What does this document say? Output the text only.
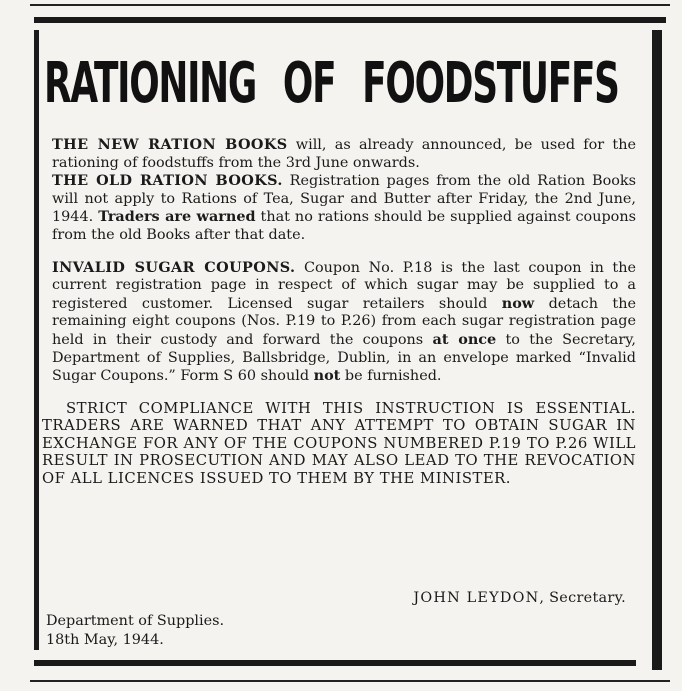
RATIONING OF FOODSTUFFS

THE NEW RATION BOOKS will, as already announced, be used for the rationing of foodstuffs from the 3rd June onwards.

THE OLD RATION BOOKS. Registration pages from the old Ration Books will not apply to Rations of Tea, Sugar and Butter after Friday, the 2nd June, 1944. Traders are warned that no rations should be supplied against coupons from the old Books after that date.

INVALID SUGAR COUPONS. Coupon No. P.18 is the last coupon in the current registration page in respect of which sugar may be supplied to a registered customer. Licensed sugar retailers should now detach the remaining eight coupons (Nos. P.19 to P.26) from each sugar registration page held in their custody and forward the coupons at once to the Secretary, Department of Supplies, Ballsbridge, Dublin, in an envelope marked “Invalid Sugar Coupons.” Form S 60 should not be furnished.

STRICT COMPLIANCE WITH THIS INSTRUCTION IS ESSENTIAL. TRADERS ARE WARNED THAT ANY ATTEMPT TO OBTAIN SUGAR IN EXCHANGE FOR ANY OF THE COUPONS NUMBERED P.19 TO P.26 WILL RESULT IN PROSECUTION AND MAY ALSO LEAD TO THE REVOCATION OF ALL LICENCES ISSUED TO THEM BY THE MINISTER.

JOHN LEYDON, Secretary.
Department of Supplies.
18th May, 1944.
